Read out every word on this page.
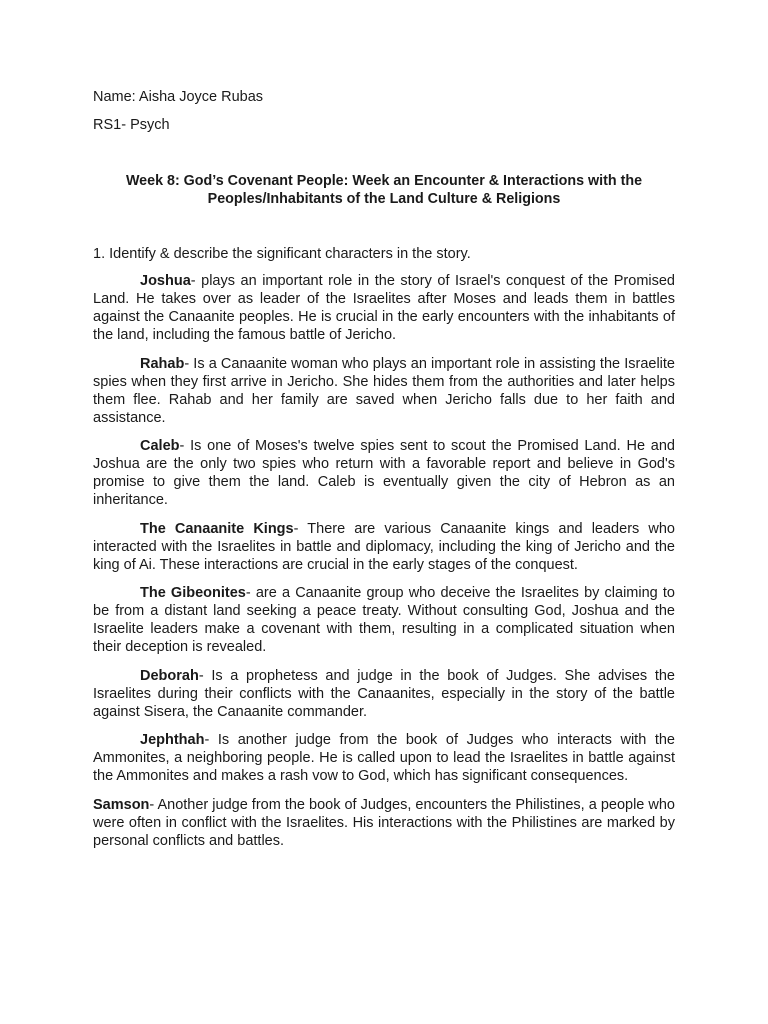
Name: Aisha Joyce Rubas
RS1- Psych
Week 8: God’s Covenant People: Week an Encounter & Interactions with the Peoples/Inhabitants of the Land Culture & Religions
1. Identify & describe the significant characters in the story.

Joshua- plays an important role in the story of Israel's conquest of the Promised Land. He takes over as leader of the Israelites after Moses and leads them in battles against the Canaanite peoples. He is crucial in the early encounters with the inhabitants of the land, including the famous battle of Jericho.

Rahab- Is a Canaanite woman who plays an important role in assisting the Israelite spies when they first arrive in Jericho. She hides them from the authorities and later helps them flee. Rahab and her family are saved when Jericho falls due to her faith and assistance.

Caleb- Is one of Moses's twelve spies sent to scout the Promised Land. He and Joshua are the only two spies who return with a favorable report and believe in God's promise to give them the land. Caleb is eventually given the city of Hebron as an inheritance.

The Canaanite Kings- There are various Canaanite kings and leaders who interacted with the Israelites in battle and diplomacy, including the king of Jericho and the king of Ai. These interactions are crucial in the early stages of the conquest.

The Gibeonites- are a Canaanite group who deceive the Israelites by claiming to be from a distant land seeking a peace treaty. Without consulting God, Joshua and the Israelite leaders make a covenant with them, resulting in a complicated situation when their deception is revealed.

Deborah- Is a prophetess and judge in the book of Judges. She advises the Israelites during their conflicts with the Canaanites, especially in the story of the battle against Sisera, the Canaanite commander.

Jephthah- Is another judge from the book of Judges who interacts with the Ammonites, a neighboring people. He is called upon to lead the Israelites in battle against the Ammonites and makes a rash vow to God, which has significant consequences.

Samson- Another judge from the book of Judges, encounters the Philistines, a people who were often in conflict with the Israelites. His interactions with the Philistines are marked by personal conflicts and battles.
